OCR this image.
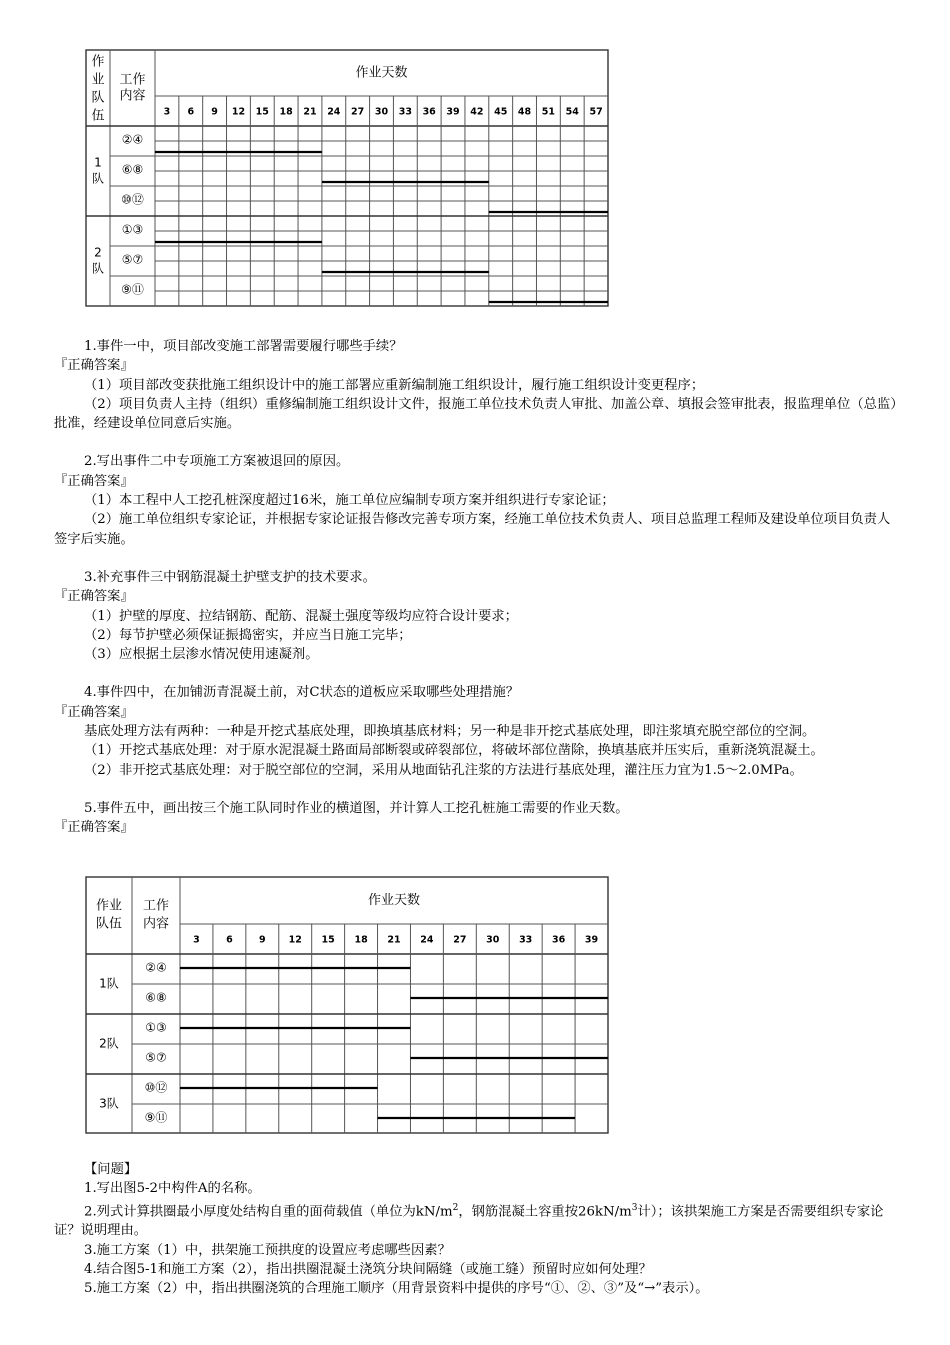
作业天数
3 6 9 12 15 18 21 24 27 30 33 36 39 42 45 48 51 54 57
作
业
队
伍
工作
内容
②④
⑥⑧
⑩⑫
1
队
①③
⑤⑦
⑨⑪
2
队

1.事件一中，项目部改变施工部署需要履行哪些手续？

『正确答案』

（1）项目部改变获批施工组织设计中的施工部署应重新编制施工组织设计，履行施工组织设计变更程序；

（2）项目负责人主持（组织）重修编制施工组织设计文件，报施工单位技术负责人审批、加盖公章、填报会签审批表，报监理单位（总监）批准，经建设单位同意后实施。

2.写出事件二中专项施工方案被退回的原因。

『正确答案』

（1）本工程中人工挖孔桩深度超过16米，施工单位应编制专项方案并组织进行专家论证；

（2）施工单位组织专家论证，并根据专家论证报告修改完善专项方案，经施工单位技术负责人、项目总监理工程师及建设单位项目负责人签字后实施。

3.补充事件三中钢筋混凝土护壁支护的技术要求。

『正确答案』

（1）护壁的厚度、拉结钢筋、配筋、混凝土强度等级均应符合设计要求；

（2）每节护壁必须保证振捣密实，并应当日施工完毕；

（3）应根据土层渗水情况使用速凝剂。

4.事件四中，在加铺沥青混凝土前，对C状态的道板应采取哪些处理措施？

『正确答案』

基底处理方法有两种：一种是开挖式基底处理，即换填基底材料；另一种是非开挖式基底处理，即注浆填充脱空部位的空洞。

（1）开挖式基底处理：对于原水泥混凝土路面局部断裂或碎裂部位，将破坏部位凿除，换填基底并压实后，重新浇筑混凝土。

（2）非开挖式基底处理：对于脱空部位的空洞，采用从地面钻孔注浆的方法进行基底处理，灌注压力宜为1.5～2.0MPa。

5.事件五中，画出按三个施工队同时作业的横道图，并计算人工挖孔桩施工需要的作业天数。

『正确答案』

作业天数
3	6	9 12 15 18 21 24 27 30 33 36 39
作业
队伍
工作
内容
②④
⑥⑧
1队
①③
⑤⑦
2队
⑩⑫
⑨⑪
3队

【问题】

1.写出图5-2中构件A的名称。

2.列式计算拱圈最小厚度处结构自重的面荷载值（单位为$kN/m^2$，钢筋混凝土容重按$26kN/m^3$计）；该拱架施工方案是否需要组织专家论证？说明理由。

3.施工方案（1）中，拱架施工预拱度的设置应考虑哪些因素？

4.结合图5-1和施工方案（2），指出拱圈混凝土浇筑分块间隔缝（或施工缝）预留时应如何处理？

5.施工方案（2）中，指出拱圈浇筑的合理施工顺序（用背景资料中提供的序号“①、②、③”及“→”表示）。
